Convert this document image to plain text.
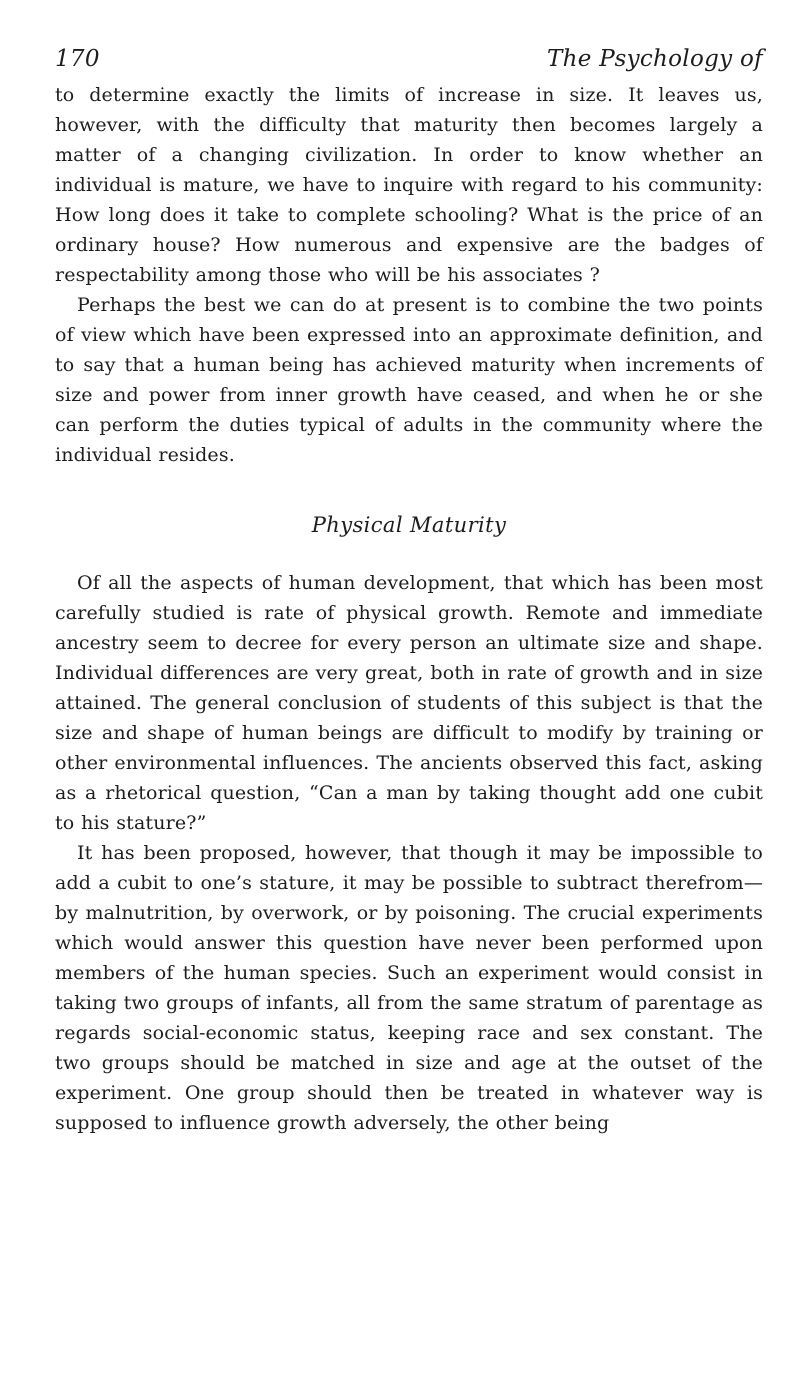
170	The Psychology of

to determine exactly the limits of increase in size. It leaves us, however, with the difficulty that maturity then becomes largely a matter of a changing civilization. In order to know whether an individual is mature, we have to inquire with regard to his community: How long does it take to complete schooling? What is the price of an ordinary house? How numerous and expensive are the badges of respectability among those who will be his associates ?

Perhaps the best we can do at present is to combine the two points of view which have been expressed into an approximate definition, and to say that a human being has achieved maturity when increments of size and power from inner growth have ceased, and when he or she can perform the duties typical of adults in the community where the individual resides.

Physical Maturity

Of all the aspects of human development, that which has been most carefully studied is rate of physical growth. Remote and immediate ancestry seem to decree for every person an ultimate size and shape. Individual differences are very great, both in rate of growth and in size attained. The general conclusion of students of this subject is that the size and shape of human beings are difficult to modify by training or other environmental influences. The ancients observed this fact, asking as a rhetorical question, “Can a man by taking thought add one cubit to his stature?”

It has been proposed, however, that though it may be impossible to add a cubit to one’s stature, it may be possible to subtract therefrom—by malnutrition, by overwork, or by poisoning. The crucial experiments which would answer this question have never been performed upon members of the human species. Such an experiment would consist in taking two groups of infants, all from the same stratum of parentage as regards social-economic status, keeping race and sex constant. The two groups should be matched in size and age at the outset of the experiment. One group should then be treated in whatever way is supposed to influence growth adversely, the other being
